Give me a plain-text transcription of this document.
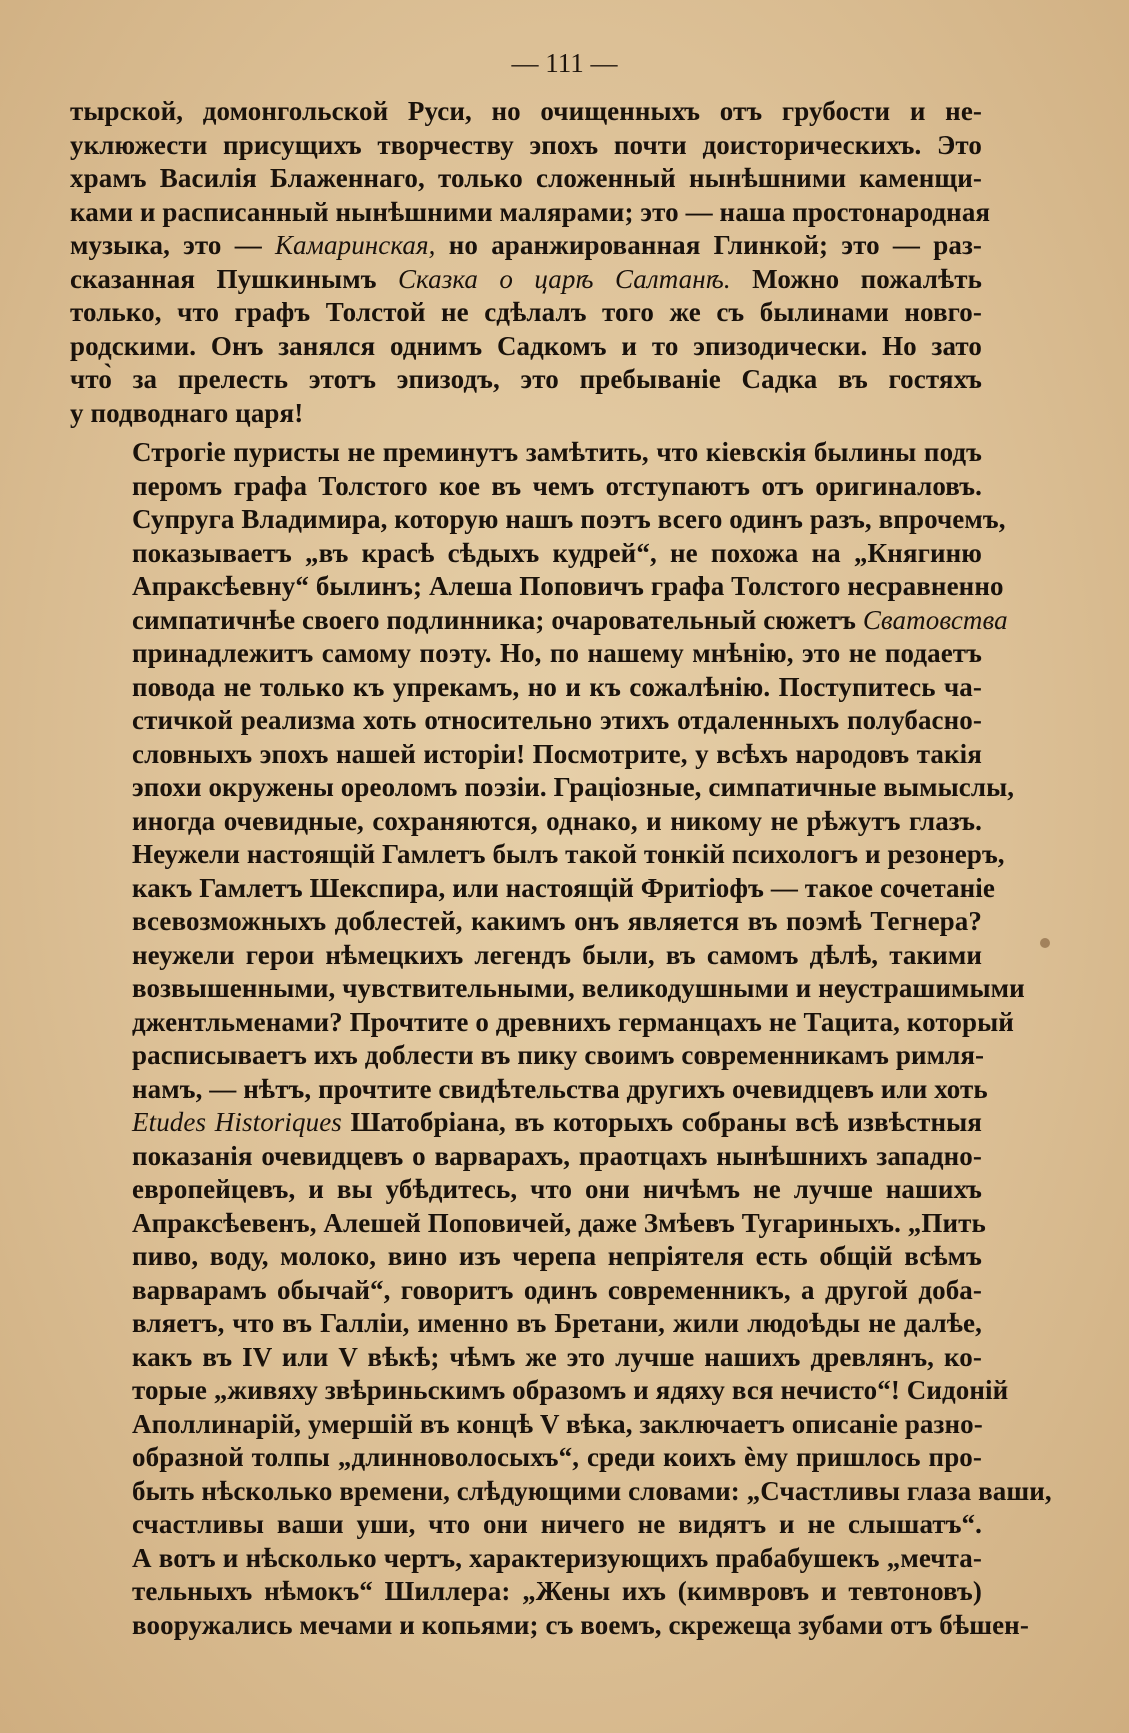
— 111 —

тырской, домонгольской Руси, но очищенныхъ отъ грубости и не-
уклюжести присущихъ творчеству эпохъ почти доисторическихъ. Это
храмъ Василія Блаженнаго, только сложенный нынѣшними каменщи-
ками и расписанный нынѣшними малярами; это — наша простонародная
музыка, это — Камаринская, но аранжированная Глинкой; это — раз-
сказанная Пушкинымъ Сказка о царѣ Салтанѣ. Можно пожалѣть
только, что графъ Толстой не сдѣлалъ того же съ былинами новго-
родскими. Онъ занялся однимъ Садкомъ и то эпизодически. Но зато
что̀ за прелесть этотъ эпизодъ, это пребываніе Садка въ гостяхъ
у подводнаго царя!

Строгіе пуристы не преминутъ замѣтить, что кіевскія былины подъ
перомъ графа Толстого кое въ чемъ отступаютъ отъ оригиналовъ.
Супруга Владимира, которую нашъ поэтъ всего одинъ разъ, впрочемъ,
показываетъ „въ красѣ сѣдыхъ кудрей“, не похожа на „Княгиню
Апраксѣевну“ былинъ; Алеша Поповичъ графа Толстого несравненно
симпатичнѣе своего подлинника; очаровательный сюжетъ Сватовства
принадлежитъ самому поэту. Но, по нашему мнѣнію, это не подаетъ
повода не только къ упрекамъ, но и къ сожалѣнію. Поступитесь ча-
стичкой реализма хоть относительно этихъ отдаленныхъ полубасно-
словныхъ эпохъ нашей исторіи! Посмотрите, у всѣхъ народовъ такія
эпохи окружены ореоломъ поэзіи. Граціозные, симпатичные вымыслы,
иногда очевидные, сохраняются, однако, и никому не рѣжутъ глазъ.
Неужели настоящій Гамлетъ былъ такой тонкій психологъ и резонеръ,
какъ Гамлетъ Шекспира, или настоящій Фритіофъ — такое сочетаніе
всевозможныхъ доблестей, какимъ онъ является въ поэмѣ Тегнера?
неужели герои нѣмецкихъ легендъ были, въ самомъ дѣлѣ, такими
возвышенными, чувствительными, великодушными и неустрашимыми
джентльменами? Прочтите о древнихъ германцахъ не Тацита, который
расписываетъ ихъ доблести въ пику своимъ современникамъ римля-
намъ, — нѣтъ, прочтите свидѣтельства другихъ очевидцевъ или хоть
Etudes Historiques Шатобріана, въ которыхъ собраны всѣ извѣстныя
показанія очевидцевъ о варварахъ, праотцахъ нынѣшнихъ западно-
европейцевъ, и вы убѣдитесь, что они ничѣмъ не лучше нашихъ
Апраксѣевенъ, Алешей Поповичей, даже Змѣевъ Тугариныхъ. „Пить
пиво, воду, молоко, вино изъ черепа непріятеля есть общій всѣмъ
варварамъ обычай“, говоритъ одинъ современникъ, а другой доба-
вляетъ, что въ Галліи, именно въ Бретани, жили людоѣды не далѣе,
какъ въ IV или V вѣкѣ; чѣмъ же это лучше нашихъ древлянъ, ко-
торые „живяху звѣриньскимъ образомъ и ядяху вся нечисто“! Сидоній
Аполлинарій, умершій въ концѣ V вѣка, заключаетъ описаніе разно-
образной толпы „длинноволосыхъ“, среди коихъ ѐму пришлось про-
быть нѣсколько времени, слѣдующими словами: „Счастливы глаза ваши,
счастливы ваши уши, что они ничего не видятъ и не слышатъ“.
А вотъ и нѣсколько чертъ, характеризующихъ прабабушекъ „мечта-
тельныхъ нѣмокъ“ Шиллера: „Жены ихъ (кимвровъ и тевтоновъ)
вооружались мечами и копьями; съ воемъ, скрежеща зубами отъ бѣшен-
